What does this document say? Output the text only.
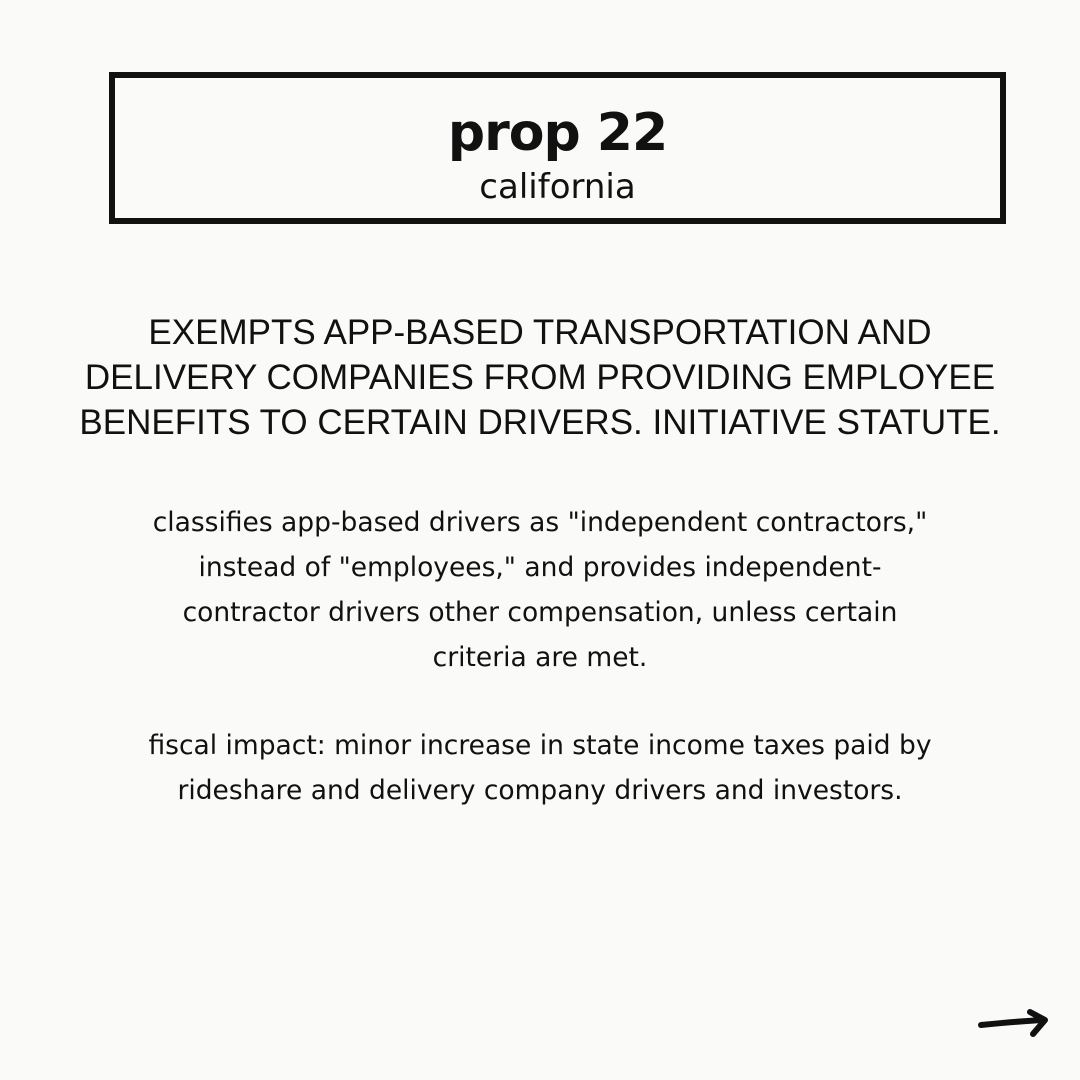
prop 22
california
EXEMPTS APP-BASED TRANSPORTATION AND
DELIVERY COMPANIES FROM PROVIDING EMPLOYEE
BENEFITS TO CERTAIN DRIVERS. INITIATIVE STATUTE.
classifies app-based drivers as "independent contractors,"
instead of "employees," and provides independent-
contractor drivers other compensation, unless certain
criteria are met.
fiscal impact: minor increase in state income taxes paid by
rideshare and delivery company drivers and investors.
